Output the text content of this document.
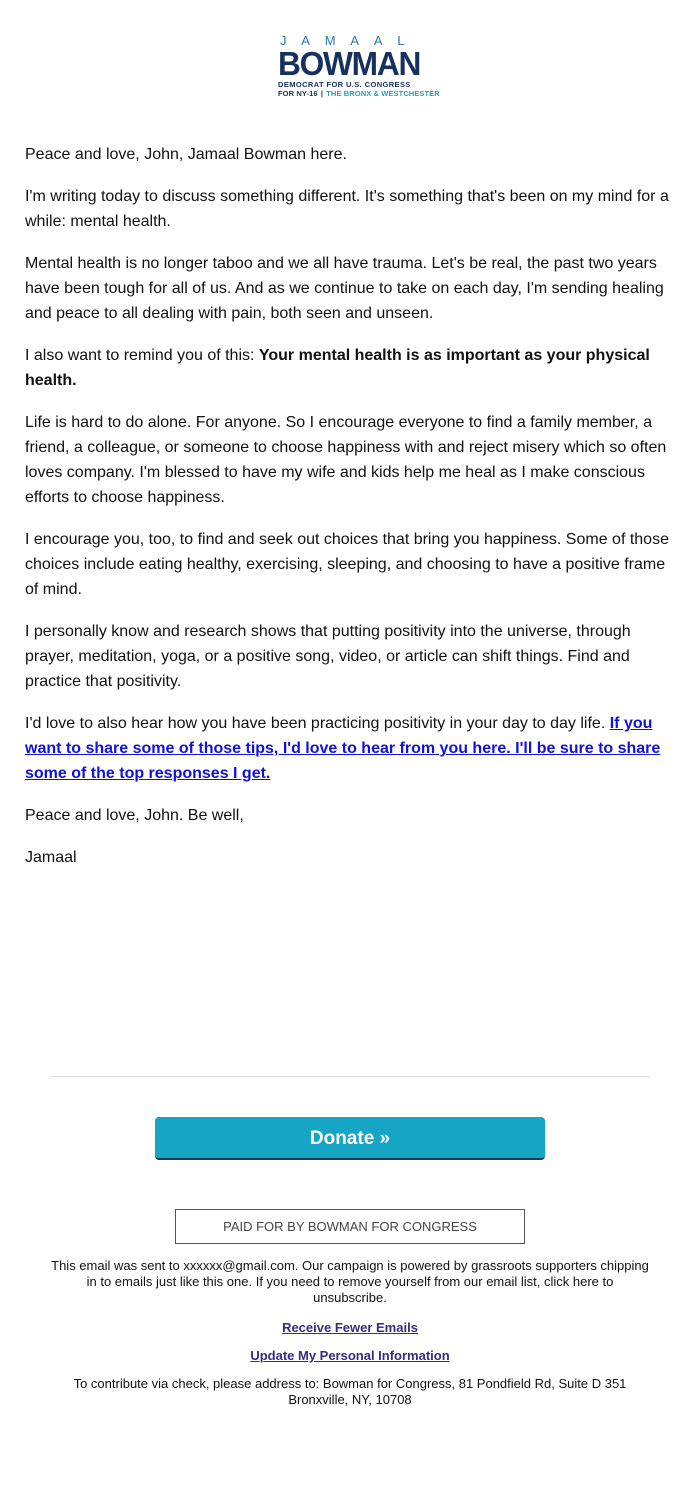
JAMAAL
BOWMAN
DEMOCRAT FOR U.S. CONGRESS
FOR NY-16 | THE BRONX & WESTCHESTER

Peace and love, John, Jamaal Bowman here.

I'm writing today to discuss something different. It's something that's been on my mind for a while: mental health.

Mental health is no longer taboo and we all have trauma. Let's be real, the past two years have been tough for all of us. And as we continue to take on each day, I'm sending healing and peace to all dealing with pain, both seen and unseen.

I also want to remind you of this: Your mental health is as important as your physical health.

Life is hard to do alone. For anyone. So I encourage everyone to find a family member, a friend, a colleague, or someone to choose happiness with and reject misery which so often loves company. I'm blessed to have my wife and kids help me heal as I make conscious efforts to choose happiness.

I encourage you, too, to find and seek out choices that bring you happiness. Some of those choices include eating healthy, exercising, sleeping, and choosing to have a positive frame of mind.

I personally know and research shows that putting positivity into the universe, through prayer, meditation, yoga, or a positive song, video, or article can shift things. Find and practice that positivity.

I'd love to also hear how you have been practicing positivity in your day to day life. If you want to share some of those tips, I'd love to hear from you here. I'll be sure to share some of the top responses I get.

Peace and love, John. Be well,

Jamaal

Donate »
PAID FOR BY BOWMAN FOR CONGRESS

This email was sent to xxxxxx@gmail.com. Our campaign is powered by grassroots supporters chipping in to emails just like this one. If you need to remove yourself from our email list, click here to unsubscribe.

Receive Fewer Emails

Update My Personal Information

To contribute via check, please address to: Bowman for Congress, 81 Pondfield Rd, Suite D 351 Bronxville, NY, 10708
